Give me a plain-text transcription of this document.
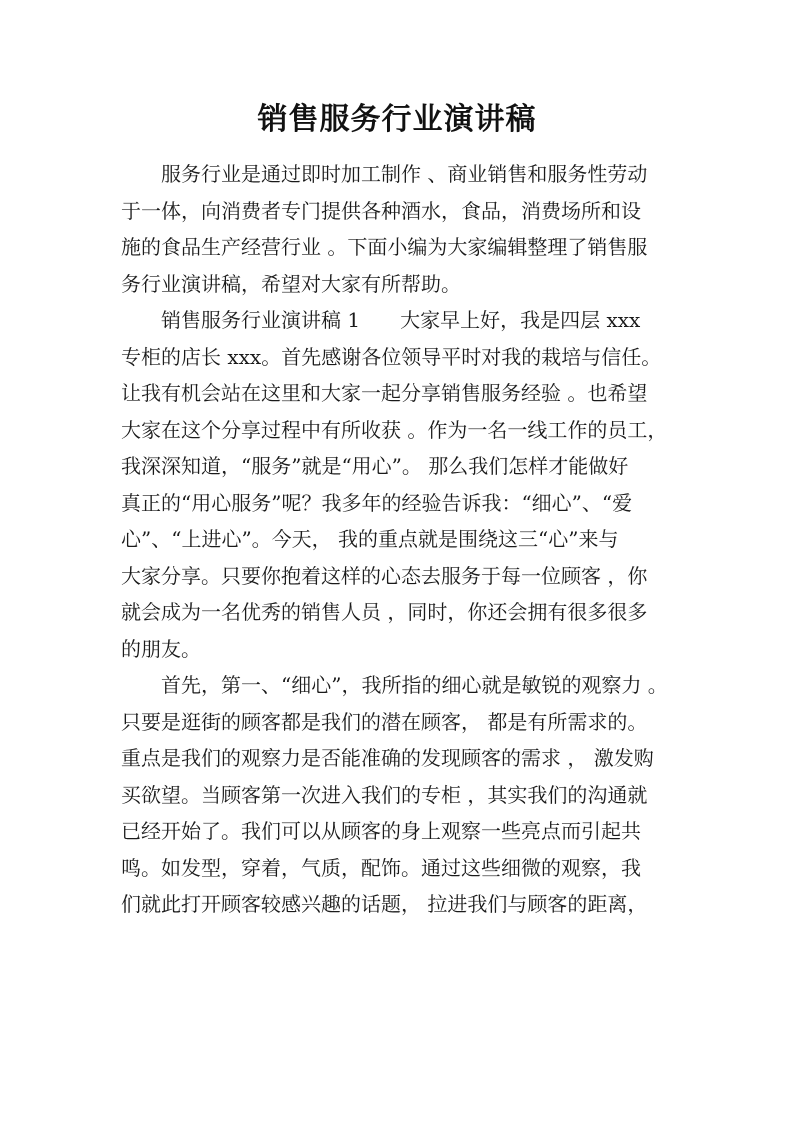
销售服务行业演讲稿
服务行业是通过即时加工制作 、商业销售和服务性劳动
于一体，向消费者专门提供各种酒水，食品，消费场所和设
施的食品生产经营行业 。下面小编为大家编辑整理了销售服
务行业演讲稿，希望对大家有所帮助。
销售服务行业演讲稿 1　　大家早上好，我是四层 xxx
专柜的店长 xxx。首先感谢各位领导平时对我的栽培与信任。
让我有机会站在这里和大家一起分享销售服务经验 。也希望
大家在这个分享过程中有所收获 。作为一名一线工作的员工，
我深深知道，“服务”就是“用心”。 那么我们怎样才能做好
真正的“用心服务”呢？我多年的经验告诉我：“细心”、“爱
心”、“上进心”。今天， 我的重点就是围绕这三“心”来与
大家分享。只要你抱着这样的心态去服务于每一位顾客 ，你
就会成为一名优秀的销售人员 ，同时，你还会拥有很多很多
的朋友。
首先，第一、“细心”，我所指的细心就是敏锐的观察力 。
只要是逛街的顾客都是我们的潜在顾客， 都是有所需求的。
重点是我们的观察力是否能准确的发现顾客的需求 ， 激发购
买欲望。当顾客第一次进入我们的专柜 ，其实我们的沟通就
已经开始了。我们可以从顾客的身上观察一些亮点而引起共
鸣。如发型，穿着，气质，配饰。通过这些细微的观察，我
们就此打开顾客较感兴趣的话题， 拉进我们与顾客的距离，
